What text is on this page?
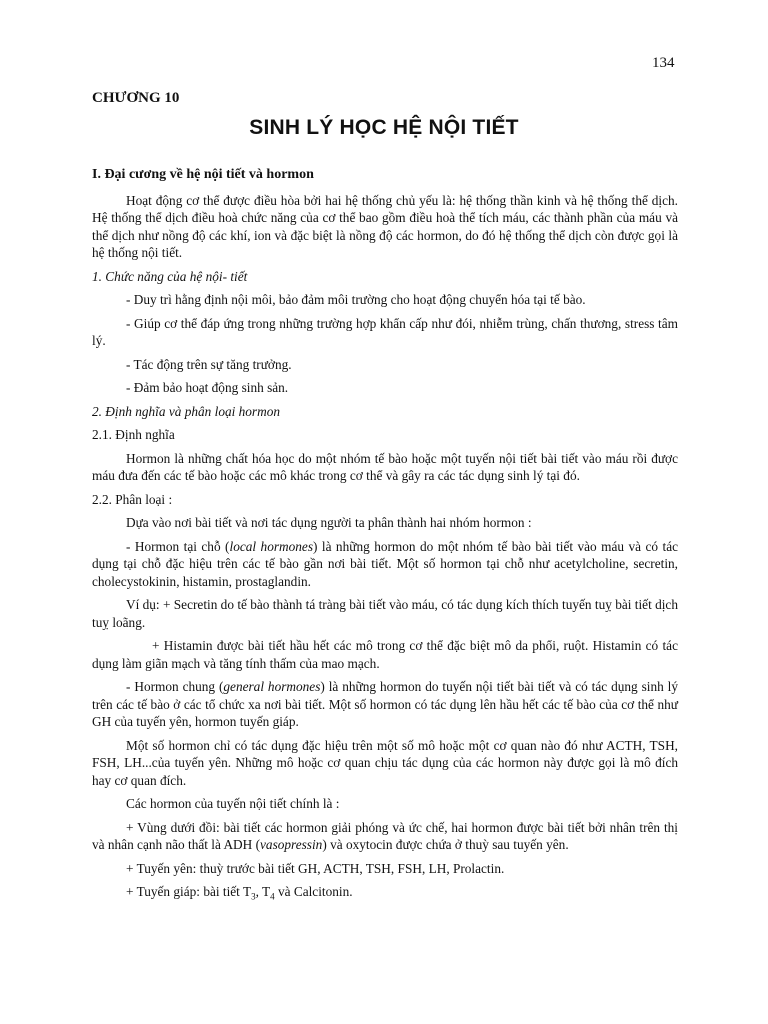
134
CHƯƠNG 10
SINH LÝ HỌC HỆ NỘI TIẾT

I. Đại cương về hệ nội tiết và hormon

Hoạt động cơ thể được điều hòa bởi hai hệ thống chủ yếu là: hệ thống thần kinh và hệ thống thể dịch. Hệ thống thể dịch điều hoà chức năng của cơ thể bao gồm điều hoà thể tích máu, các thành phần của máu và thể dịch như nồng độ các khí, ion và đặc biệt là nồng độ các hormon, do đó hệ thống thể dịch còn được gọi là hệ thống nội tiết.

1. Chức năng của hệ nội- tiết

- Duy trì hằng định nội môi, bảo đảm môi trường cho hoạt động chuyển hóa tại tế bào.

- Giúp cơ thể đáp ứng trong những trường hợp khẩn cấp như đói, nhiễm trùng, chấn thương, stress tâm lý.

- Tác động trên sự tăng trưởng.

- Đảm bảo hoạt động sinh sản.

2. Định nghĩa và phân loại hormon

2.1. Định nghĩa

Hormon là những chất hóa học do một nhóm tế bào hoặc một tuyến nội tiết bài tiết vào máu rồi được máu đưa đến các tế bào hoặc các mô khác trong cơ thể và gây ra các tác dụng sinh lý tại đó.

2.2. Phân loại :

Dựa vào nơi bài tiết và nơi tác dụng người ta phân thành hai nhóm hormon :

- Hormon tại chỗ (local hormones) là những hormon do một nhóm tế bào bài tiết vào máu và có tác dụng tại chỗ đặc hiệu trên các tế bào gần nơi bài tiết. Một số hormon tại chỗ như acetylcholine, secretin, cholecystokinin, histamin, prostaglandin.

Ví dụ: + Secretin do tế bào thành tá tràng bài tiết vào máu, có tác dụng kích thích tuyến tuỵ bài tiết dịch tuỵ loãng.

+ Histamin được bài tiết hầu hết các mô trong cơ thể đặc biệt mô da phổi, ruột. Histamin có tác dụng làm giãn mạch và tăng tính thấm của mao mạch.

- Hormon chung (general hormones) là những hormon do tuyến nội tiết bài tiết và có tác dụng sinh lý trên các tế bào ở các tổ chức xa nơi bài tiết. Một số hormon có tác dụng lên hầu hết các tế bào của cơ thể như GH của tuyến yên, hormon tuyến giáp.

Một số hormon chỉ có tác dụng đặc hiệu trên một số mô hoặc một cơ quan nào đó như ACTH, TSH, FSH, LH...của tuyến yên. Những mô hoặc cơ quan chịu tác dụng của các hormon này được gọi là mô đích hay cơ quan đích.

Các hormon của tuyến nội tiết chính là :

+ Vùng dưới đồi: bài tiết các hormon giải phóng và ức chế, hai hormon được bài tiết bởi nhân trên thị và nhân cạnh não thất là ADH (vasopressin) và oxytocin được chứa ở thuỳ sau tuyến yên.

+ Tuyến yên: thuỳ trước bài tiết GH, ACTH, TSH, FSH, LH, Prolactin.

+ Tuyến giáp: bài tiết $T_3$, $T_4$ và Calcitonin.
